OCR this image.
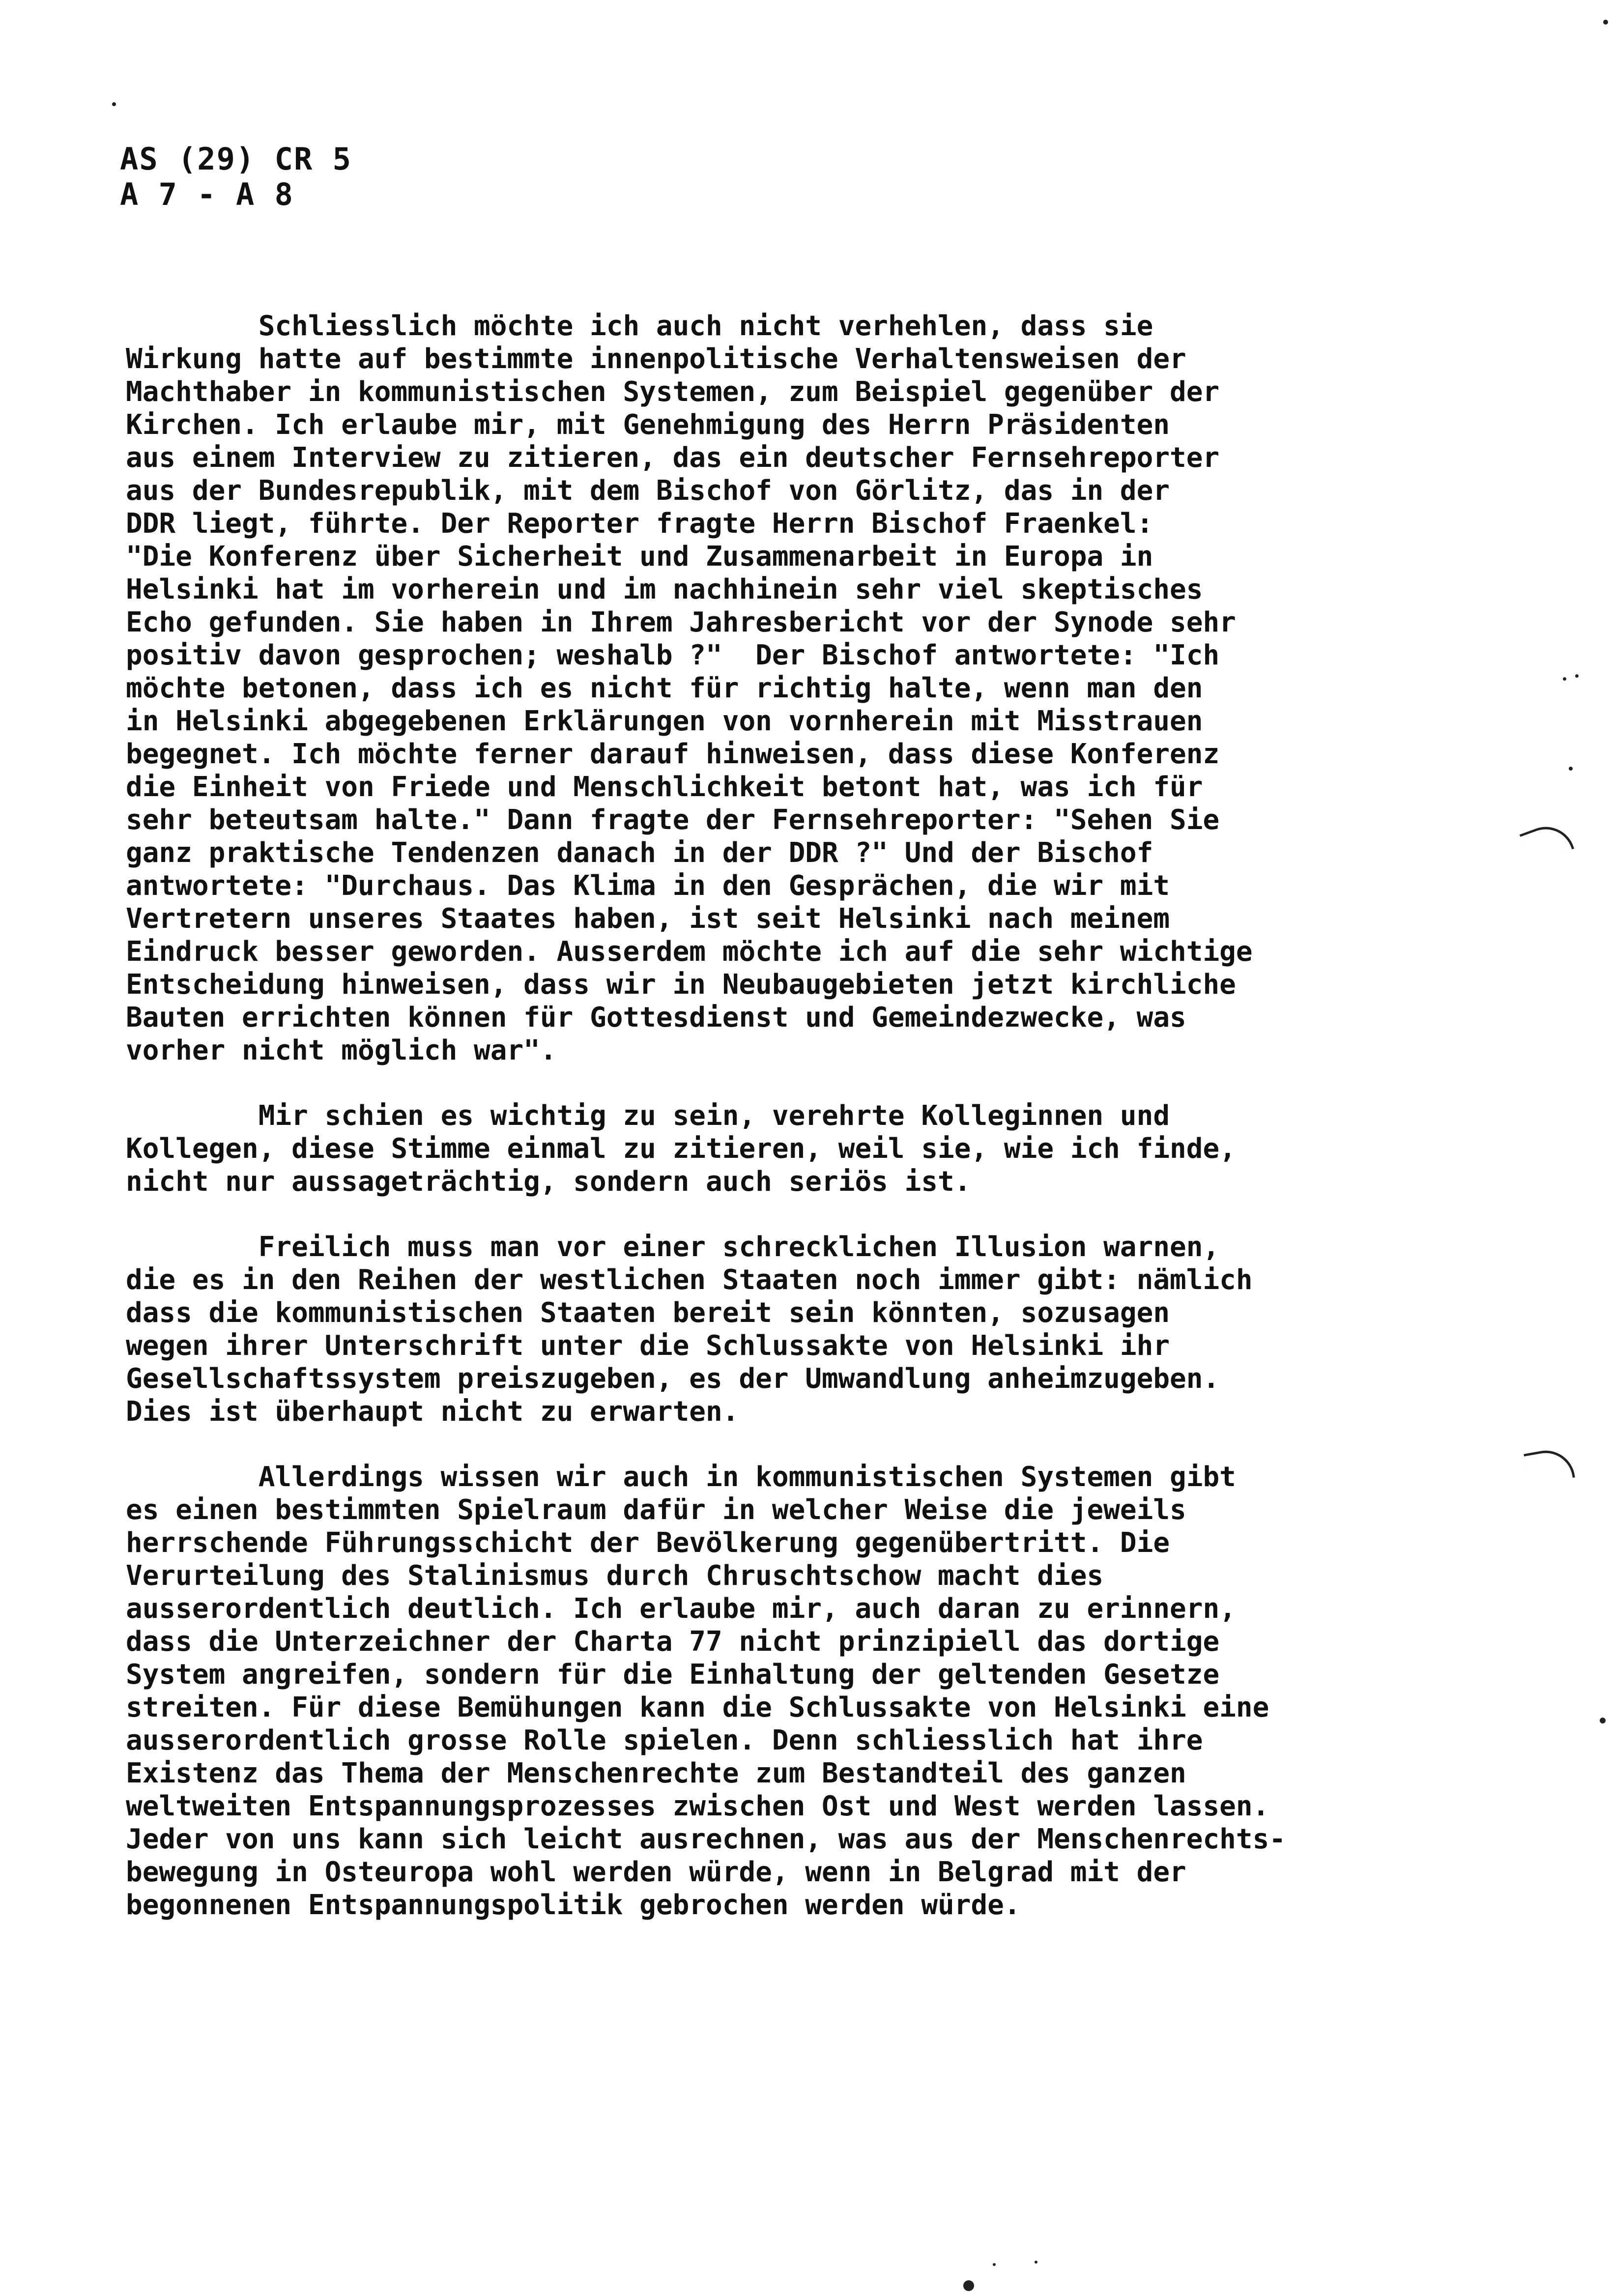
AS (29) CR 5
A 7 - A 8
Schliesslich möchte ich auch nicht verhehlen, dass sie
Wirkung hatte auf bestimmte innenpolitische Verhaltensweisen der
Machthaber in kommunistischen Systemen, zum Beispiel gegenüber der
Kirchen. Ich erlaube mir, mit Genehmigung des Herrn Präsidenten
aus einem Interview zu zitieren, das ein deutscher Fernsehreporter
aus der Bundesrepublik, mit dem Bischof von Görlitz, das in der
DDR liegt, führte. Der Reporter fragte Herrn Bischof Fraenkel:
"Die Konferenz über Sicherheit und Zusammenarbeit in Europa in
Helsinki hat im vorherein und im nachhinein sehr viel skeptisches
Echo gefunden. Sie haben in Ihrem Jahresbericht vor der Synode sehr
positiv davon gesprochen; weshalb ?"  Der Bischof antwortete: "Ich
möchte betonen, dass ich es nicht für richtig halte, wenn man den
in Helsinki abgegebenen Erklärungen von vornherein mit Misstrauen
begegnet. Ich möchte ferner darauf hinweisen, dass diese Konferenz
die Einheit von Friede und Menschlichkeit betont hat, was ich für
sehr beteutsam halte." Dann fragte der Fernsehreporter: "Sehen Sie
ganz praktische Tendenzen danach in der DDR ?" Und der Bischof
antwortete: "Durchaus. Das Klima in den Gesprächen, die wir mit
Vertretern unseres Staates haben, ist seit Helsinki nach meinem
Eindruck besser geworden. Ausserdem möchte ich auf die sehr wichtige
Entscheidung hinweisen, dass wir in Neubaugebieten jetzt kirchliche
Bauten errichten können für Gottesdienst und Gemeindezwecke, was
vorher nicht möglich war".
Mir schien es wichtig zu sein, verehrte Kolleginnen und
Kollegen, diese Stimme einmal zu zitieren, weil sie, wie ich finde,
nicht nur aussageträchtig, sondern auch seriös ist.
Freilich muss man vor einer schrecklichen Illusion warnen,
die es in den Reihen der westlichen Staaten noch immer gibt: nämlich
dass die kommunistischen Staaten bereit sein könnten, sozusagen
wegen ihrer Unterschrift unter die Schlussakte von Helsinki ihr
Gesellschaftssystem preiszugeben, es der Umwandlung anheimzugeben.
Dies ist überhaupt nicht zu erwarten.
Allerdings wissen wir auch in kommunistischen Systemen gibt
es einen bestimmten Spielraum dafür in welcher Weise die jeweils
herrschende Führungsschicht der Bevölkerung gegenübertritt. Die
Verurteilung des Stalinismus durch Chruschtschow macht dies
ausserordentlich deutlich. Ich erlaube mir, auch daran zu erinnern,
dass die Unterzeichner der Charta 77 nicht prinzipiell das dortige
System angreifen, sondern für die Einhaltung der geltenden Gesetze
streiten. Für diese Bemühungen kann die Schlussakte von Helsinki eine
ausserordentlich grosse Rolle spielen. Denn schliesslich hat ihre
Existenz das Thema der Menschenrechte zum Bestandteil des ganzen
weltweiten Entspannungsprozesses zwischen Ost und West werden lassen.
Jeder von uns kann sich leicht ausrechnen, was aus der Menschenrechts-
bewegung in Osteuropa wohl werden würde, wenn in Belgrad mit der
begonnenen Entspannungspolitik gebrochen werden würde.
